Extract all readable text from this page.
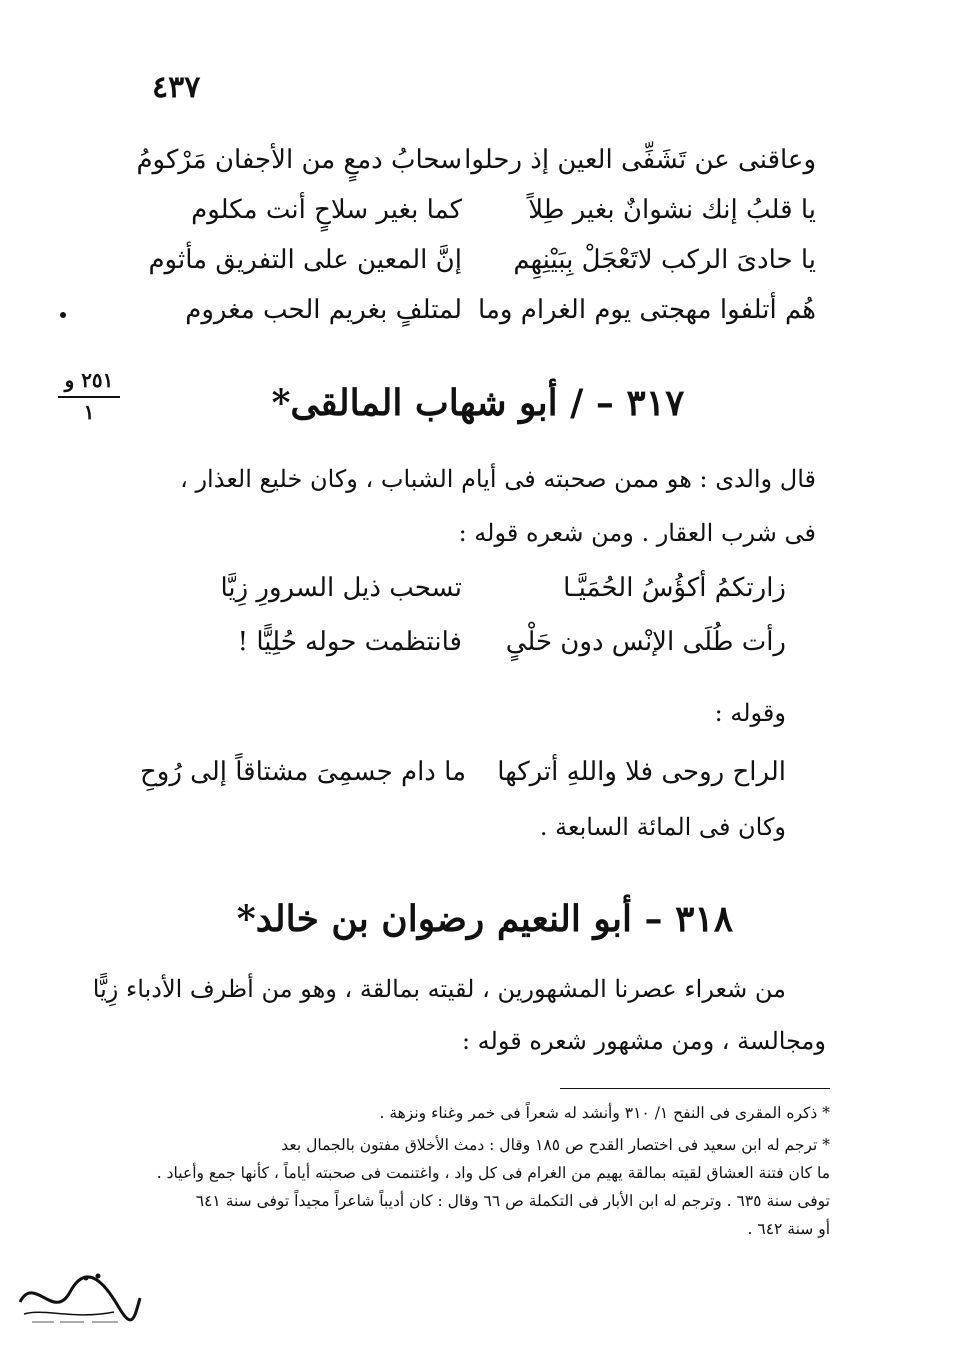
٤٣٧
وعاقنى عن تَشَفِّى العين إذ رحلوا
سحابُ دمعٍ من الأجفان مَرْكومُ
يا قلبُ إنك نشوانٌ بغير طِلاً
كما بغير سلاحٍ أنت مكلوم
يا حادىَ الركب لاتَعْجَلْ بِبَيْنِهِم
إنَّ المعين على التفريق مأثوم
هُم أتلفوا مهجتى يوم الغرام وما
لمتلفٍ بغريم الحب مغروم
٢٥١ و
١	٣١٧ – / أبو شهاب المالقى*
قال والدى : هو ممن صحبته فى أيام الشباب ، وكان خليع العذار ،
فى شرب العقار . ومن شعره قوله :
زارتكمُ أكؤُسُ الحُمَيَّـا
تسحب ذيل السرورِ زِيَّا
رأت طُلَى الإنْس دون حَلْىٍ
فانتظمت حوله حُلِيًّا !
وقوله :
الراح روحى فلا واللهِ أتركها
ما دام جسمِىَ مشتاقاً إلى رُوحِ
وكان فى المائة السابعة .
٣١٨ – أبو النعيم رضوان بن خالد*
من شعراء عصرنا المشهورين ، لقيته بمالقة ، وهو من أظرف الأدباء زِيًّا
ومجالسة ، ومن مشهور شعره قوله :
* ذكره المقرى فى النفح ١/ ٣١٠ وأنشد له شعراً فى خمر وغناء ونزهة .
* ترجم له ابن سعيد فى اختصار القدح ص ١٨٥ وقال : دمث الأخلاق مفتون بالجمال بعد
ما كان فتنة العشاق لقيته بمالقة يهيم من الغرام فى كل واد ، واغتنمت فى صحبته أياماً ، كأنها جمع وأعياد .
توفى سنة ٦٣٥ . وترجم له ابن الأبار فى التكملة ص ٦٦ وقال : كان أديباً شاعراً مجيداً توفى سنة ٦٤١
أو سنة ٦٤٢ .
